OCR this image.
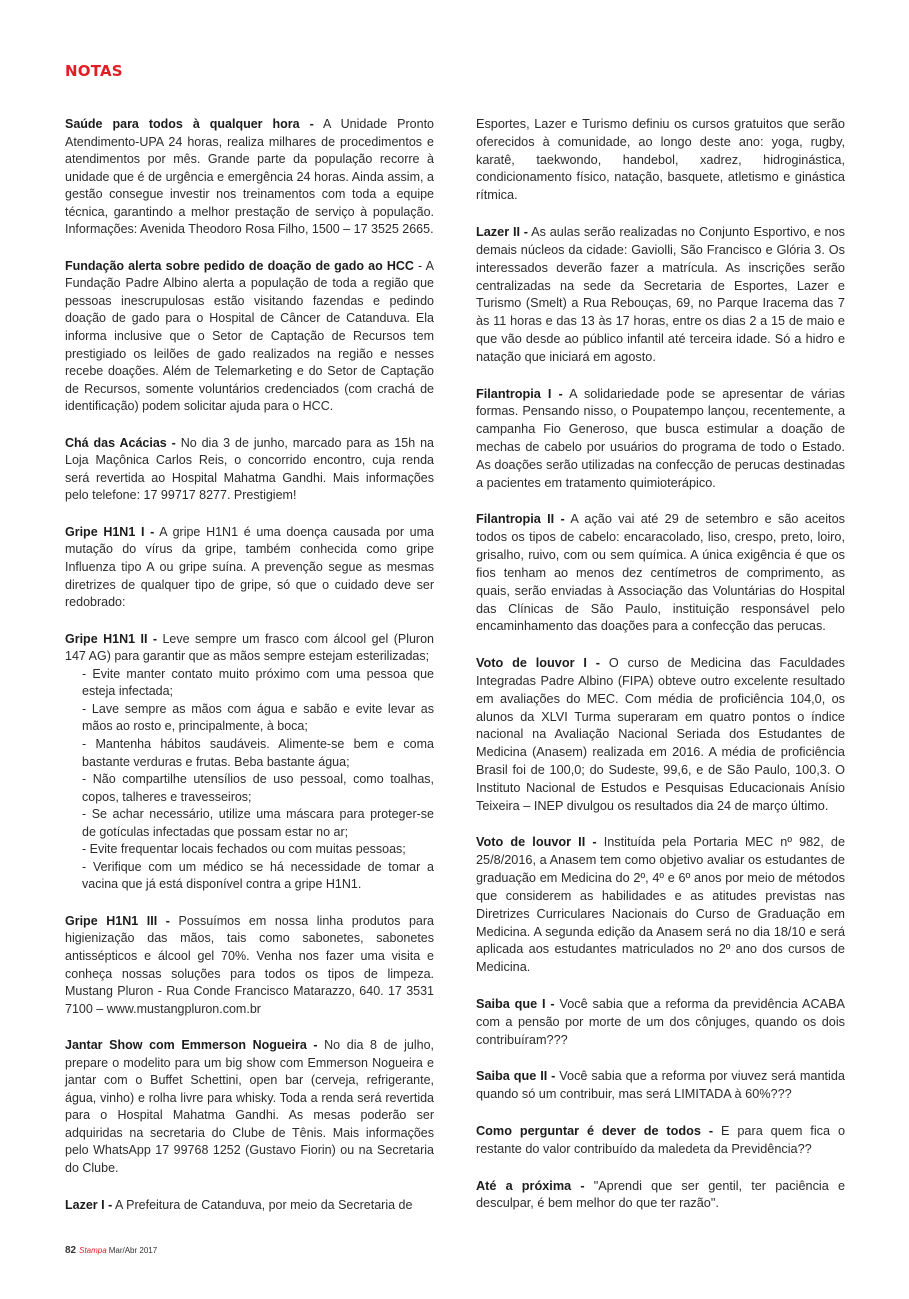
NOTAS

Saúde para todos à qualquer hora - A Unidade Pronto Atendimento-UPA 24 horas, realiza milhares de procedimentos e atendimentos por mês. Grande parte da população recorre à unidade que é de urgência e emergência 24 horas. Ainda assim, a gestão consegue investir nos treinamentos com toda a equipe técnica, garantindo a melhor prestação de serviço à população. Informações: Avenida Theodoro Rosa Filho, 1500 – 17 3525 2665.

Fundação alerta sobre pedido de doação de gado ao HCC - A Fundação Padre Albino alerta a população de toda a região que pessoas inescrupulosas estão visitando fazendas e pedindo doação de gado para o Hospital de Câncer de Catanduva. Ela informa inclusive que o Setor de Captação de Recursos tem prestigiado os leilões de gado realizados na região e nesses recebe doações. Além de Telemarketing e do Setor de Captação de Recursos, somente voluntários credenciados (com crachá de identificação) podem solicitar ajuda para o HCC.

Chá das Acácias - No dia 3 de junho, marcado para as 15h na Loja Maçônica Carlos Reis, o concorrido encontro, cuja renda será revertida ao Hospital Mahatma Gandhi. Mais informações pelo telefone: 17 99717 8277. Prestigiem!

Gripe H1N1 I - A gripe H1N1 é uma doença causada por uma mutação do vírus da gripe, também conhecida como gripe Influenza tipo A ou gripe suína. A prevenção segue as mesmas diretrizes de qualquer tipo de gripe, só que o cuidado deve ser redobrado:

Gripe H1N1 II - Leve sempre um frasco com álcool gel (Pluron 147 AG) para garantir que as mãos sempre estejam esterilizadas;
- Evite manter contato muito próximo com uma pessoa que esteja infectada;
- Lave sempre as mãos com água e sabão e evite levar as mãos ao rosto e, principalmente, à boca;
- Mantenha hábitos saudáveis. Alimente-se bem e coma bastante verduras e frutas. Beba bastante água;
- Não compartilhe utensílios de uso pessoal, como toalhas, copos, talheres e travesseiros;
- Se achar necessário, utilize uma máscara para proteger-se de gotículas infectadas que possam estar no ar;
- Evite frequentar locais fechados ou com muitas pessoas;
- Verifique com um médico se há necessidade de tomar a vacina que já está disponível contra a gripe H1N1.

Gripe H1N1 III - Possuímos em nossa linha produtos para higienização das mãos, tais como sabonetes, sabonetes antissépticos e álcool gel 70%. Venha nos fazer uma visita e conheça nossas soluções para todos os tipos de limpeza. Mustang Pluron - Rua Conde Francisco Matarazzo, 640. 17 3531 7100 – www.mustangpluron.com.br

Jantar Show com Emmerson Nogueira - No dia 8 de julho, prepare o modelito para um big show com Emmerson Nogueira e jantar com o Buffet Schettini, open bar (cerveja, refrigerante, água, vinho) e rolha livre para whisky. Toda a renda será revertida para o Hospital Mahatma Gandhi. As mesas poderão ser adquiridas na secretaria do Clube de Tênis. Mais informações pelo WhatsApp 17 99768 1252 (Gustavo Fiorin) ou na Secretaria do Clube.

Lazer I - A Prefeitura de Catanduva, por meio da Secretaria de

Esportes, Lazer e Turismo definiu os cursos gratuitos que serão oferecidos à comunidade, ao longo deste ano: yoga, rugby, karatê, taekwondo, handebol, xadrez, hidroginástica, condicionamento físico, natação, basquete, atletismo e ginástica rítmica.

Lazer II - As aulas serão realizadas no Conjunto Esportivo, e nos demais núcleos da cidade: Gaviolli, São Francisco e Glória 3. Os interessados deverão fazer a matrícula. As inscrições serão centralizadas na sede da Secretaria de Esportes, Lazer e Turismo (Smelt) a Rua Rebouças, 69, no Parque Iracema das 7 às 11 horas e das 13 às 17 horas, entre os dias 2 a 15 de maio e que vão desde ao público infantil até terceira idade. Só a hidro e natação que iniciará em agosto.

Filantropia I - A solidariedade pode se apresentar de várias formas. Pensando nisso, o Poupatempo lançou, recentemente, a campanha Fio Generoso, que busca estimular a doação de mechas de cabelo por usuários do programa de todo o Estado. As doações serão utilizadas na confecção de perucas destinadas a pacientes em tratamento quimioterápico.

Filantropia II - A ação vai até 29 de setembro e são aceitos todos os tipos de cabelo: encaracolado, liso, crespo, preto, loiro, grisalho, ruivo, com ou sem química. A única exigência é que os fios tenham ao menos dez centímetros de comprimento, as quais, serão enviadas à Associação das Voluntárias do Hospital das Clínicas de São Paulo, instituição responsável pelo encaminhamento das doações para a confecção das perucas.

Voto de louvor I - O curso de Medicina das Faculdades Integradas Padre Albino (FIPA) obteve outro excelente resultado em avaliações do MEC. Com média de proficiência 104,0, os alunos da XLVI Turma superaram em quatro pontos o índice nacional na Avaliação Nacional Seriada dos Estudantes de Medicina (Anasem) realizada em 2016. A média de proficiência Brasil foi de 100,0; do Sudeste, 99,6, e de São Paulo, 100,3. O Instituto Nacional de Estudos e Pesquisas Educacionais Anísio Teixeira – INEP divulgou os resultados dia 24 de março último.

Voto de louvor II - Instituída pela Portaria MEC nº 982, de 25/8/2016, a Anasem tem como objetivo avaliar os estudantes de graduação em Medicina do 2º, 4º e 6º anos por meio de métodos que considerem as habilidades e as atitudes previstas nas Diretrizes Curriculares Nacionais do Curso de Graduação em Medicina. A segunda edição da Anasem será no dia 18/10 e será aplicada aos estudantes matriculados no 2º ano dos cursos de Medicina.

Saiba que I - Você sabia que a reforma da previdência ACABA com a pensão por morte de um dos cônjuges, quando os dois contribuíram???

Saiba que II - Você sabia que a reforma por viuvez será mantida quando só um contribuir, mas será LIMITADA à 60%???

Como perguntar é dever de todos - E para quem fica o restante do valor contribuído da maledeta da Previdência??

Até a próxima - "Aprendi que ser gentil, ter paciência e desculpar, é bem melhor do que ter razão".

82 Stampa Mar/Abr 2017
